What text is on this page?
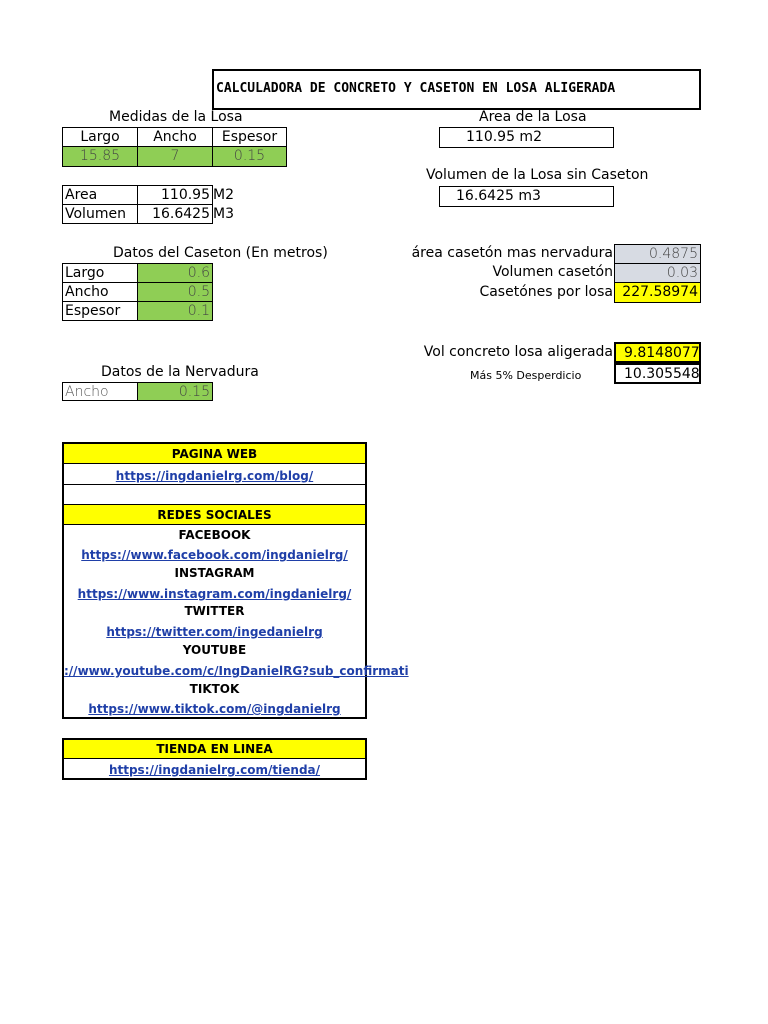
CALCULADORA DE CONCRETO Y CASETON EN LOSA ALIGERADA
Medidas de la Losa
Largo	Ancho	Espesor
15.85	7	0.15
Area	110.95 M2
Volumen	16.6425 M3
Area de la Losa
110.95 m2
Volumen de la Losa sin Caseton
16.6425 m3
Datos del Caseton (En metros)
Largo	0.6
Ancho	0.5
Espesor	0.1
área casetón mas nervadura	0.4875
Volumen casetón	0.03
Casetónes por losa 227.58974
Vol concreto losa aligerada 9.8148077
Más 5% Desperdicio	10.305548
Datos de la Nervadura
Ancho	0.15
PAGINA WEB
https://ingdanielrg.com/blog/
REDES SOCIALES
FACEBOOK
https://www.facebook.com/ingdanielrg/
INSTAGRAM
https://www.instagram.com/ingdanielrg/
TWITTER
https://twitter.com/ingedanielrg
YOUTUBE
://www.youtube.com/c/IngDanielRG?sub_confirmati
TIKTOK
https://www.tiktok.com/@ingdanielrg
TIENDA EN LINEA
https://ingdanielrg.com/tienda/
